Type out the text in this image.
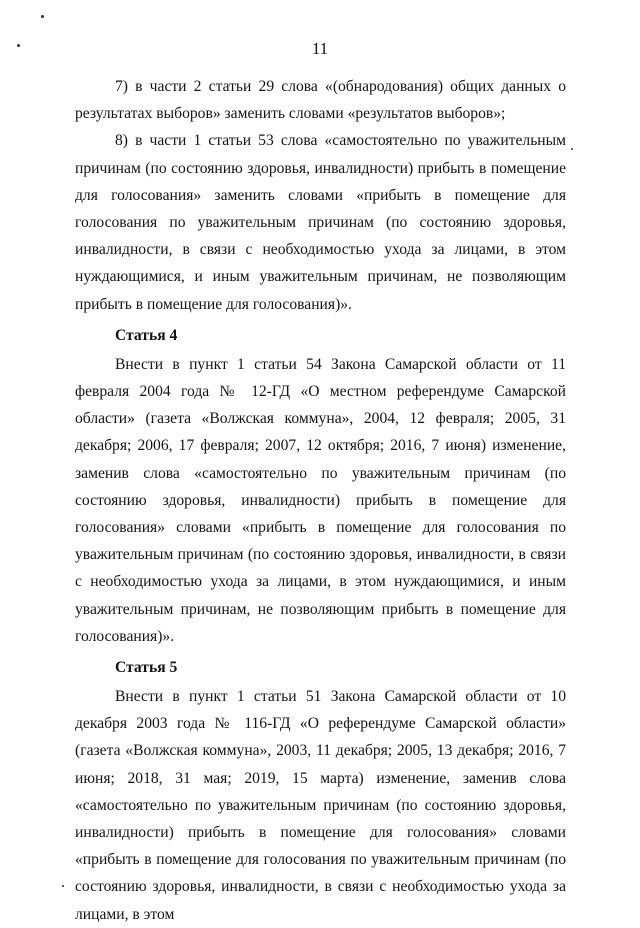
11

7) в части 2 статьи 29 слова «(обнародования) общих данных о результатах выборов» заменить словами «результатов выборов»;

8) в части 1 статьи 53 слова «самостоятельно по уважительным причинам (по состоянию здоровья, инвалидности) прибыть в помещение для голосования» заменить словами «прибыть в помещение для голосования по уважительным причинам (по состоянию здоровья, инвалидности, в связи с необходимостью ухода за лицами, в этом нуждающимися, и иным уважительным причинам, не позволяющим прибыть в помещение для голосования)».

Статья 4

Внести в пункт 1 статьи 54 Закона Самарской области от 11 февраля 2004 года № 12-ГД «О местном референдуме Самарской области» (газета «Волжская коммуна», 2004, 12 февраля; 2005, 31 декабря; 2006, 17 февраля; 2007, 12 октября; 2016, 7 июня) изменение, заменив слова «самостоятельно по уважительным причинам (по состоянию здоровья, инвалидности) прибыть в помещение для голосования» словами «прибыть в помещение для голосования по уважительным причинам (по состоянию здоровья, инвалидности, в связи с необходимостью ухода за лицами, в этом нуждающимися, и иным уважительным причинам, не позволяющим прибыть в помещение для голосования)».

Статья 5

Внести в пункт 1 статьи 51 Закона Самарской области от 10 декабря 2003 года № 116-ГД «О референдуме Самарской области» (газета «Волжская коммуна», 2003, 11 декабря; 2005, 13 декабря; 2016, 7 июня; 2018, 31 мая; 2019, 15 марта) изменение, заменив слова «самостоятельно по уважительным причинам (по состоянию здоровья, инвалидности) прибыть в помещение для голосования» словами «прибыть в помещение для голосования по уважительным причинам (по состоянию здоровья, инвалидности, в связи с необходимостью ухода за лицами, в этом
